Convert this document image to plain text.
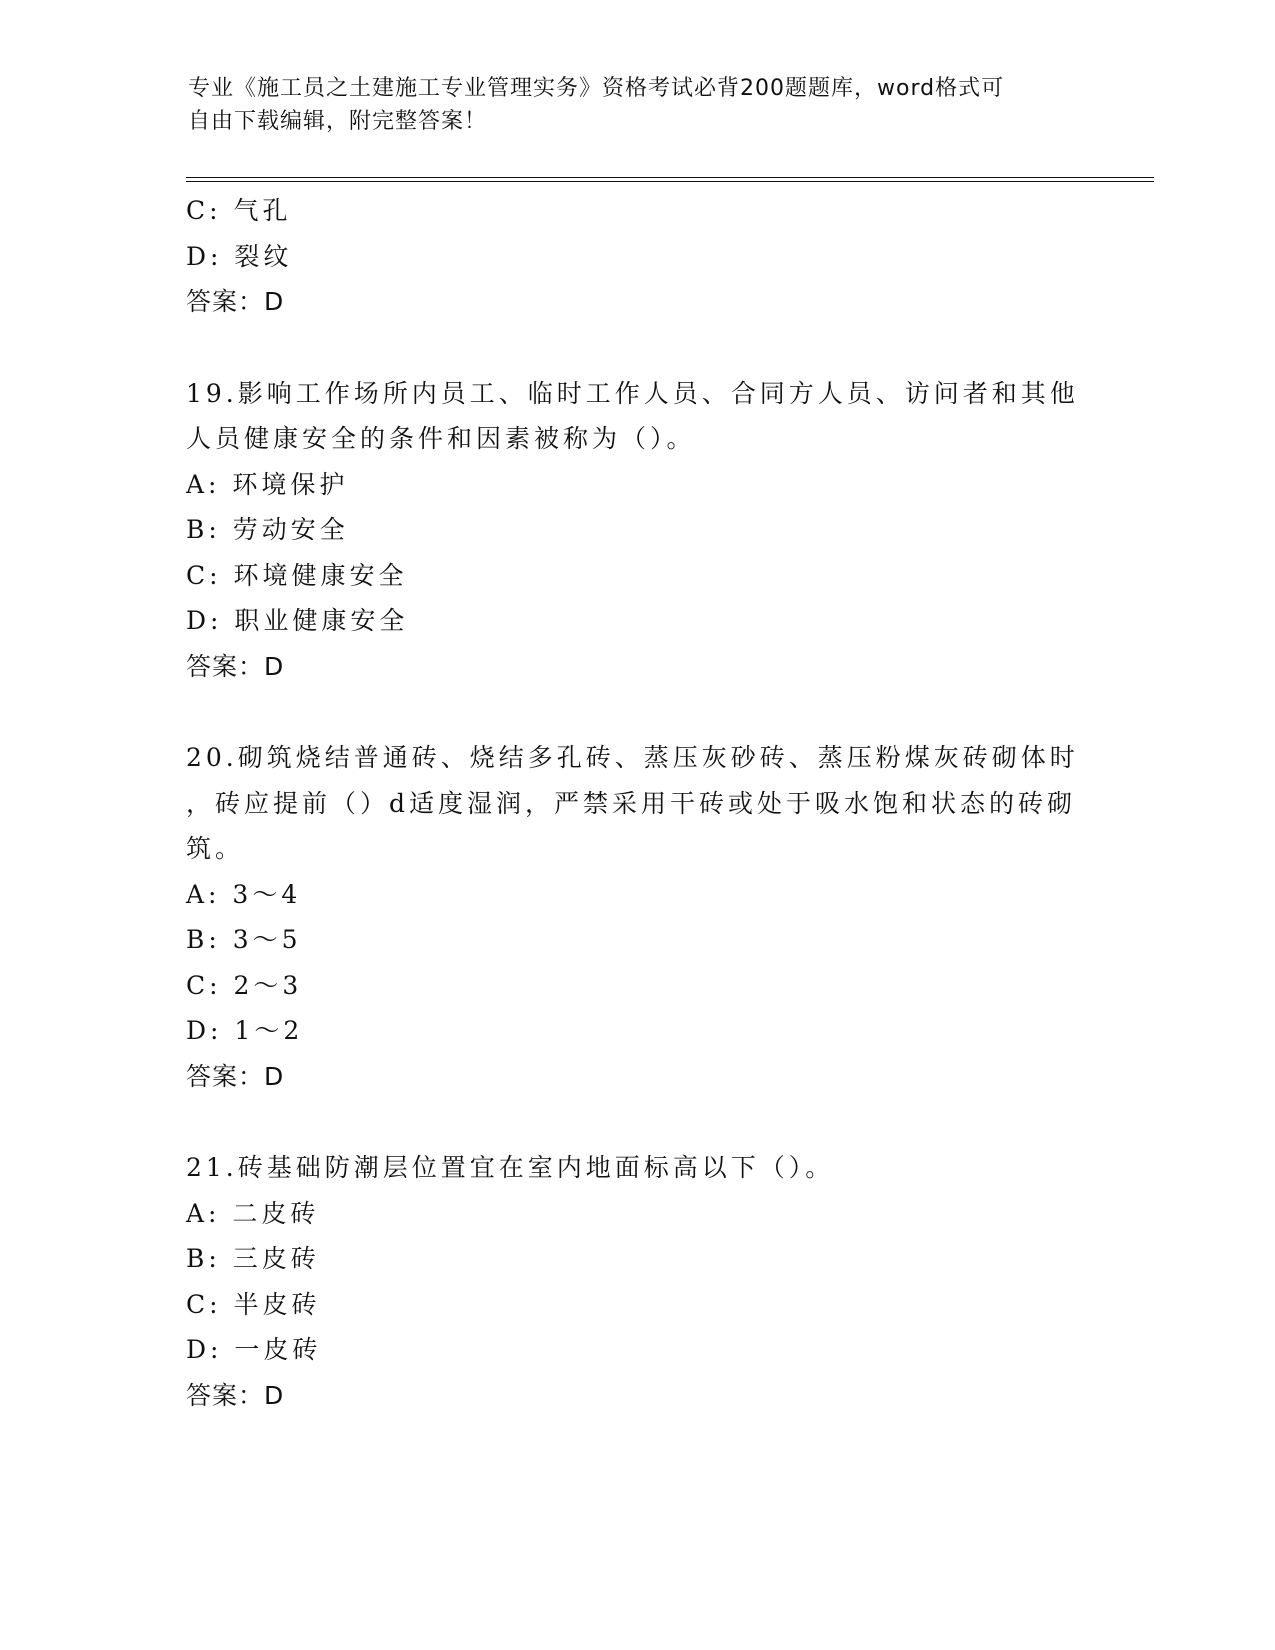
专业《施工员之土建施工专业管理实务》资格考试必背200题题库，word格式可
自由下载编辑，附完整答案！
C: 气孔
D: 裂纹
答案：D
19.影响工作场所内员工、临时工作人员、合同方人员、访问者和其他
人员健康安全的条件和因素被称为（）。
A: 环境保护
B: 劳动安全
C: 环境健康安全
D: 职业健康安全
答案：D
20.砌筑烧结普通砖、烧结多孔砖、蒸压灰砂砖、蒸压粉煤灰砖砌体时
，砖应提前（）d适度湿润，严禁采用干砖或处于吸水饱和状态的砖砌
筑。
A: 3～4
B: 3～5
C: 2～3
D: 1～2
答案：D
21.砖基础防潮层位置宜在室内地面标高以下（）。
A: 二皮砖
B: 三皮砖
C: 半皮砖
D: 一皮砖
答案：D
